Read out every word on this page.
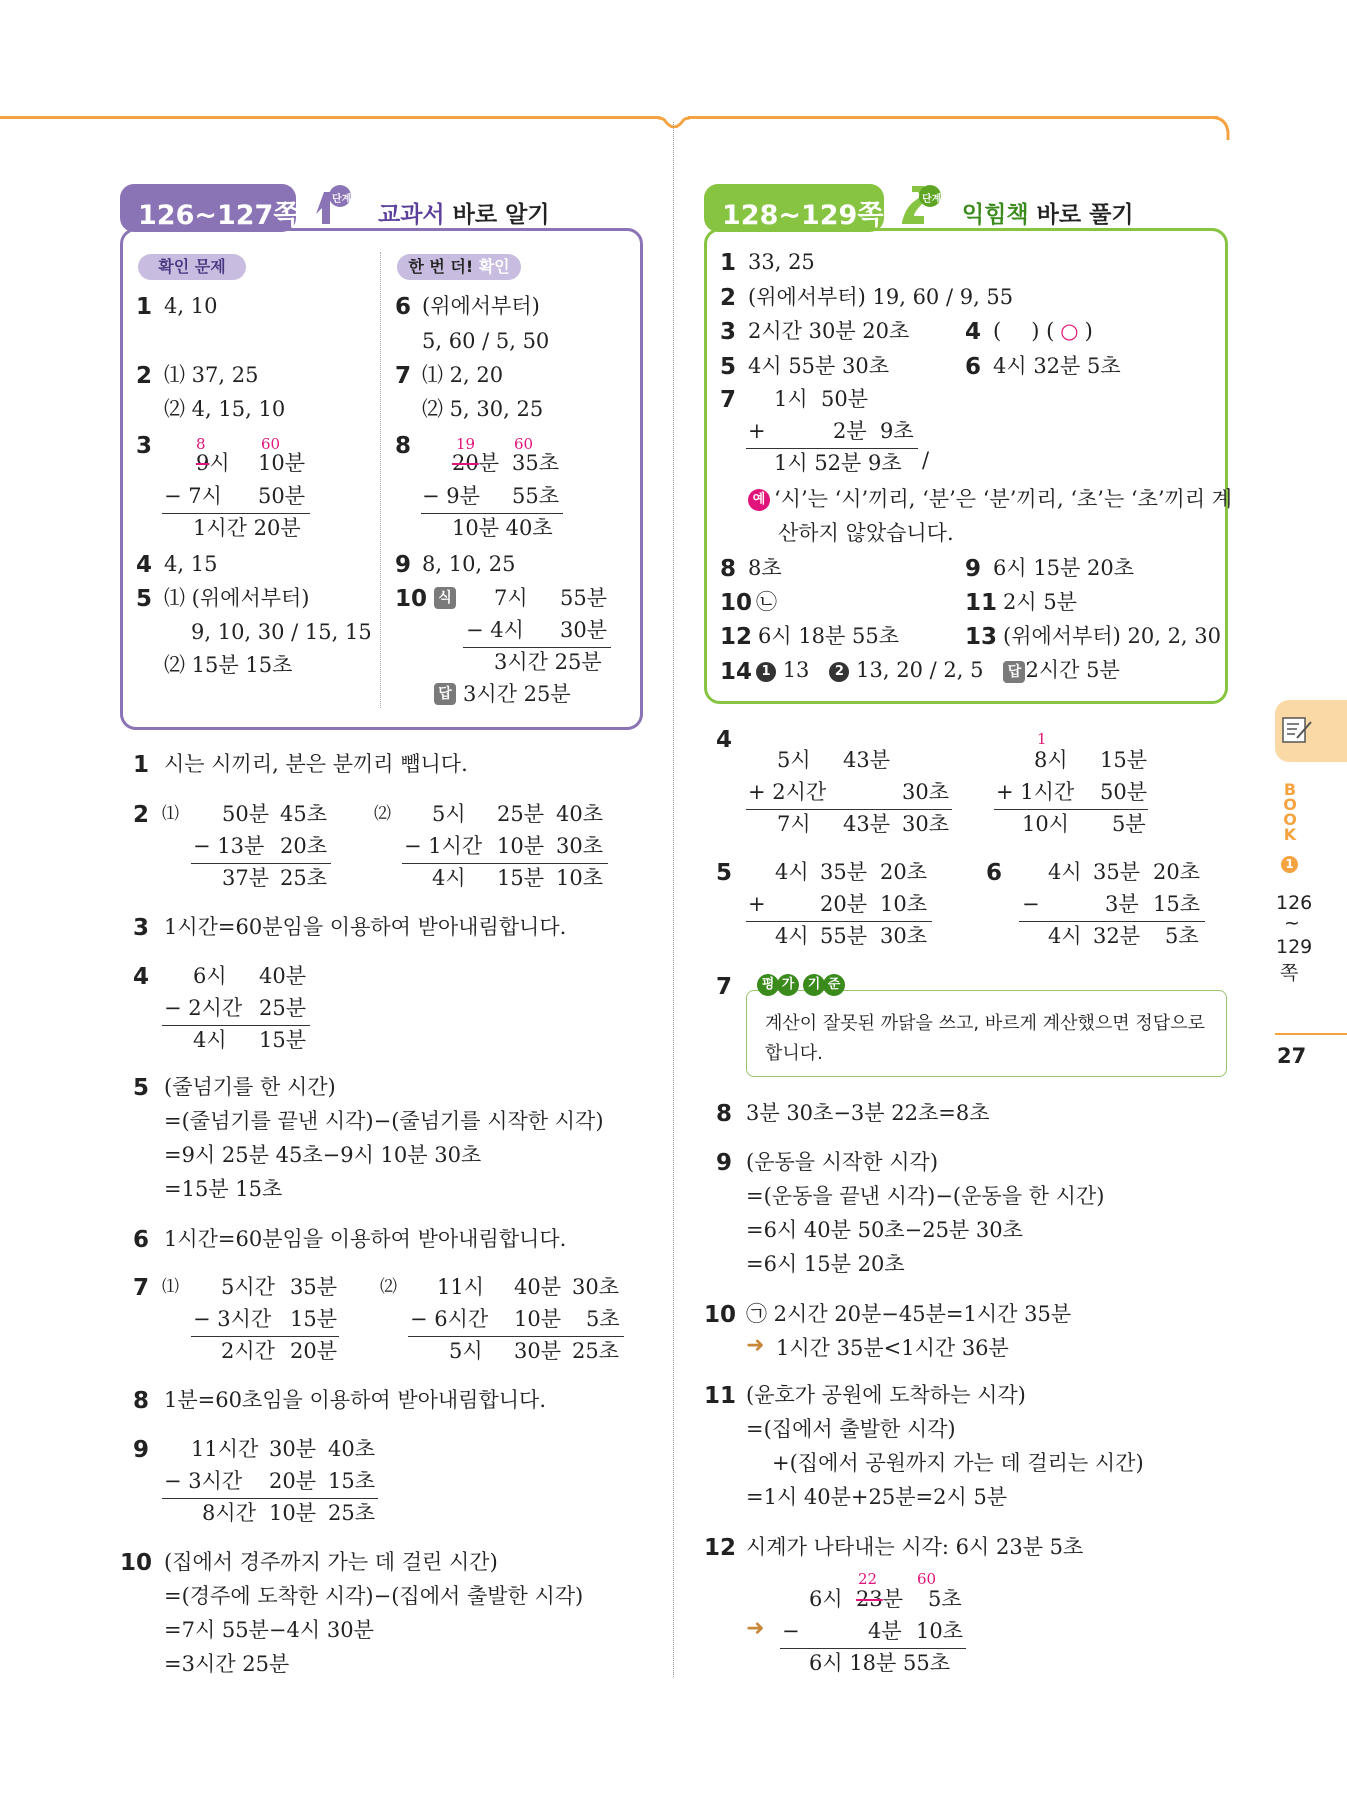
126~127쪽
단계
교과서 바로 알기
확인 문제	한 번 더! 확인
1 4, 10
2 ⑴ 37, 25
⑵ 4, 15, 10
3	8	60
9시 10분
− 7시 50분
1시간 20분
4 4, 15
5 ⑴ (위에서부터)
9, 10, 30 / 15, 15
⑵ 15분 15초
6 (위에서부터)
5, 60 / 5, 50
7 ⑴ 2, 20
⑵ 5, 30, 25
8	19	60
20분 35초
− 9분 55초
10분 40초
9 8, 10, 25
10 식 7시 55분
− 4시 30분
3시간 25분
답 3시간 25분
128~129쪽
단계
익힘책 바로 풀기
1 33, 25
2 (위에서부터) 19, 60 / 9, 55
3 2시간 30분 20초 4 ( ) ( ○ )
5 4시 55분 30초	6 4시 32분 5초
7 1시 50분
+	2분 9초
1시 52분 9초 /
예 ‘시’는 ‘시’끼리, ‘분’은 ‘분’끼리, ‘초’는 ‘초’끼리 계
산하지 않았습니다.
8 8초	9 6시 15분 20초
10 ㉡	11 2시 5분
12 6시 18분 55초	13 (위에서부터) 20, 2, 30
14 1 13 2 13, 20 / 2, 5 답 2시간 5분
1 시는 시끼리, 분은 분끼리 뺍니다.
2 ⑴ 50분 45초
− 13분 20초
37분 25초
⑵ 5시 25분 40초
− 1시간 10분 30초
4시 15분 10초
3 1시간=60분임을 이용하여 받아내림합니다.
4 6시 40분
− 2시간 25분
4시 15분
5 (줄넘기를 한 시간)
=(줄넘기를 끝낸 시각)−(줄넘기를 시작한 시각)
=9시 25분 45초−9시 10분 30초
=15분 15초
6 1시간=60분임을 이용하여 받아내림합니다.
7 ⑴ 5시간 35분
− 3시간 15분
2시간 20분
⑵ 11시 40분 30초
− 6시간 10분 5초
5시 30분 25초
8 1분=60초임을 이용하여 받아내림합니다.
9 11시간 30분 40초
− 3시간 20분 15초
8시간 10분 25초
10 (집에서 경주까지 가는 데 걸린 시간)
=(경주에 도착한 시각)−(집에서 출발한 시각)
=7시 55분−4시 30분
=3시간 25분
4
5시 43분
+ 2시간	30초
7시 43분 30초
1
8시 15분
+ 1시간 50분
10시 5분
5 4시 35분 20초
+	20분 10초
4시 55분 30초
6 4시 35분 20초
−	3분 15초
4시 32분 5초
7	평 가 기 준
계산이 잘못된 까닭을 쓰고, 바르게 계산했으면 정답으로
합니다.
8 3분 30초−3분 22초=8초
9 (운동을 시작한 시각)
=(운동을 끝낸 시각)−(운동을 한 시간)
=6시 40분 50초−25분 30초
=6시 15분 20초
10 ㉠ 2시간 20분−45분=1시간 35분
➜ 1시간 35분<1시간 36분
11 (윤호가 공원에 도착하는 시각)
=(집에서 출발한 시각)
+(집에서 공원까지 가는 데 걸리는 시간)
=1시 40분+25분=2시 5분
12 시계가 나타내는 시각: 6시 23분 5초
22	60
6시 23분 5초
➜ −	4분 10초
6시 18분 55초
BOOK
1
126
~
129
쪽
27
